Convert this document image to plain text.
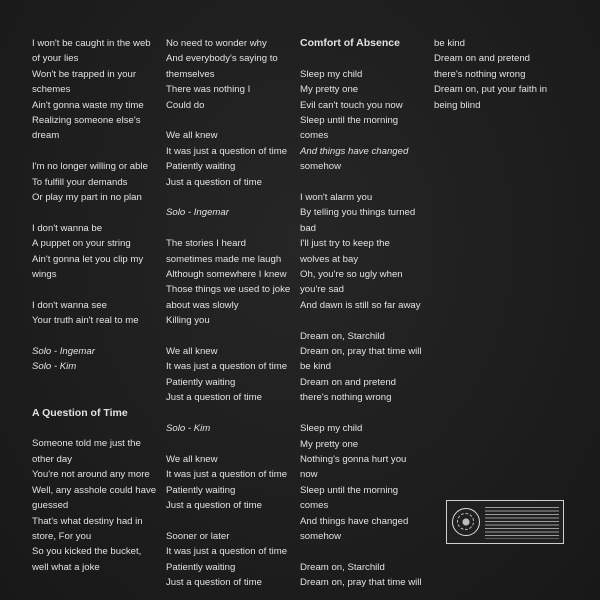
I won't be caught in the web
of your lies
Won't be trapped in your
schemes
Ain't gonna waste my time
Realizing someone else's
dream
I'm no longer willing or able
To fulfill your demands
Or play my part in no plan
I don't wanna be
A puppet on your string
Ain't gonna let you clip my
wings
I don't wanna see
Your truth ain't real to me
Solo - Ingemar
Solo - Kim
A Question of Time
Someone told me just the
other day
You're not around any more
Well, any asshole could have
guessed
That's what destiny had in
store, For you
So you kicked the bucket,
well what a joke
No need to wonder why
And everybody's saying to
themselves
There was nothing I
Could do
We all knew
It was just a question of time
Patiently waiting
Just a question of time
Solo - Ingemar
The stories I heard
sometimes made me laugh
Although somewhere I knew
Those things we used to joke
about was slowly
Killing you
We all knew
It was just a question of time
Patiently waiting
Just a question of time
Solo - Kim
We all knew
It was just a question of time
Patiently waiting
Just a question of time
Sooner or later
It was just a question of time
Patiently waiting
Just a question of time
Comfort of Absence
Sleep my child
My pretty one
Evil can't touch you now
Sleep until the morning
comes
And things have changed
somehow
I won't alarm you
By telling you things turned
bad
I'll just try to keep the
wolves at bay
Oh, you're so ugly when
you're sad
And dawn is still so far away
Dream on, Starchild
Dream on, pray that time will
be kind
Dream on and pretend
there's nothing wrong
Sleep my child
My pretty one
Nothing's gonna hurt you
now
Sleep until the morning
comes
And things have changed
somehow
Dream on, Starchild
Dream on, pray that time will
be kind
Dream on and pretend
there's nothing wrong
Dream on, put your faith in
being blind
